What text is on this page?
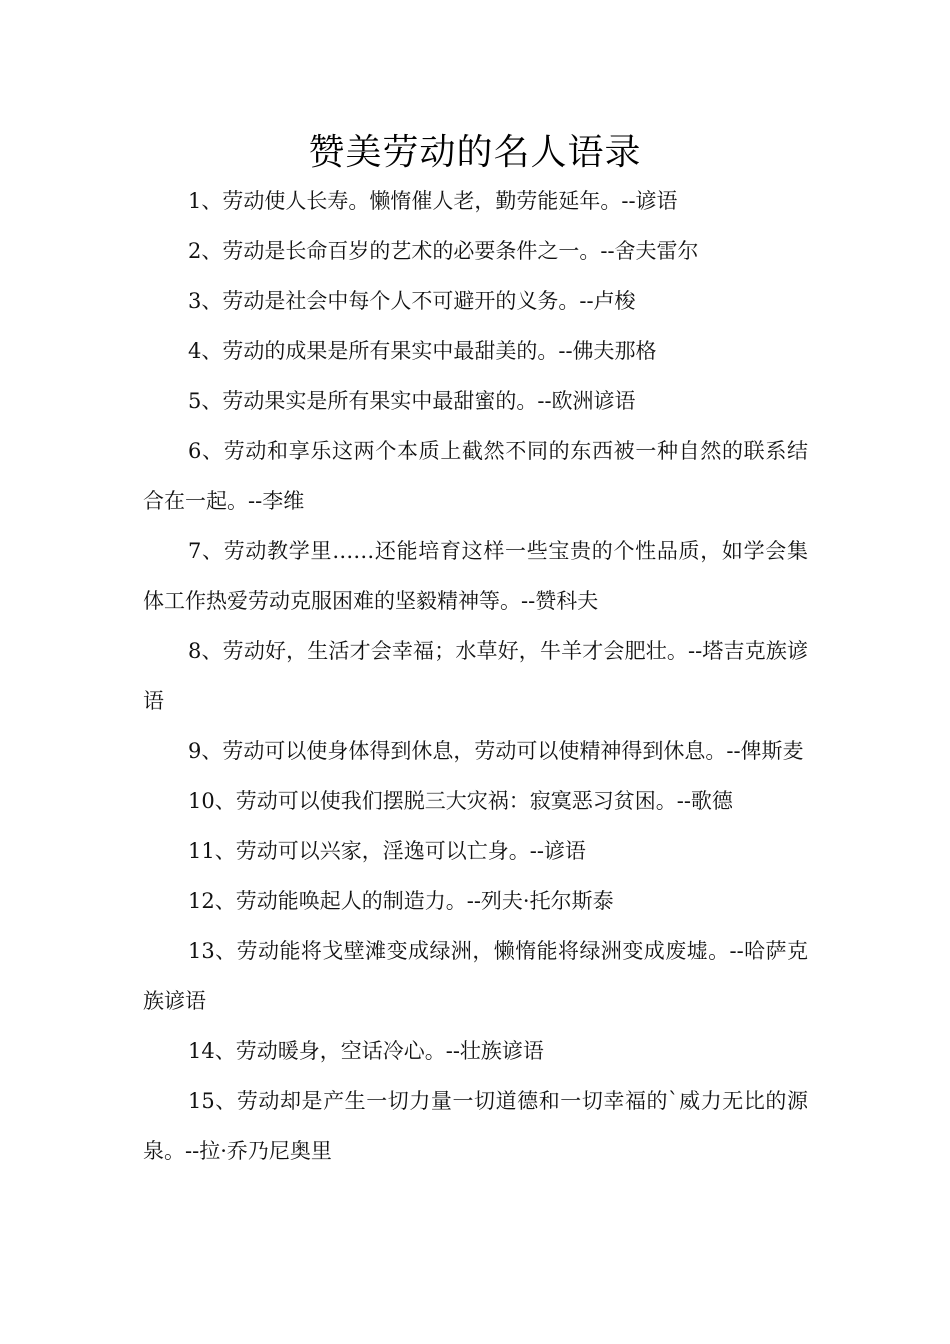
赞美劳动的名人语录

1、劳动使人长寿。懒惰催人老，勤劳能延年。--谚语

2、劳动是长命百岁的艺术的必要条件之一。--舍夫雷尔

3、劳动是社会中每个人不可避开的义务。--卢梭

4、劳动的成果是所有果实中最甜美的。--佛夫那格

5、劳动果实是所有果实中最甜蜜的。--欧洲谚语

6、劳动和享乐这两个本质上截然不同的东西被一种自然的联系结合在一起。--李维

7、劳动教学里……还能培育这样一些宝贵的个性品质，如学会集体工作热爱劳动克服困难的坚毅精神等。--赞科夫

8、劳动好，生活才会幸福；水草好，牛羊才会肥壮。--塔吉克族谚语

9、劳动可以使身体得到休息，劳动可以使精神得到休息。--俾斯麦

10、劳动可以使我们摆脱三大灾祸：寂寞恶习贫困。--歌德

11、劳动可以兴家，淫逸可以亡身。--谚语

12、劳动能唤起人的制造力。--列夫·托尔斯泰

13、劳动能将戈壁滩变成绿洲，懒惰能将绿洲变成废墟。--哈萨克族谚语

14、劳动暖身，空话冷心。--壮族谚语

15、劳动却是产生一切力量一切道德和一切幸福的`威力无比的源泉。--拉·乔乃尼奥里
